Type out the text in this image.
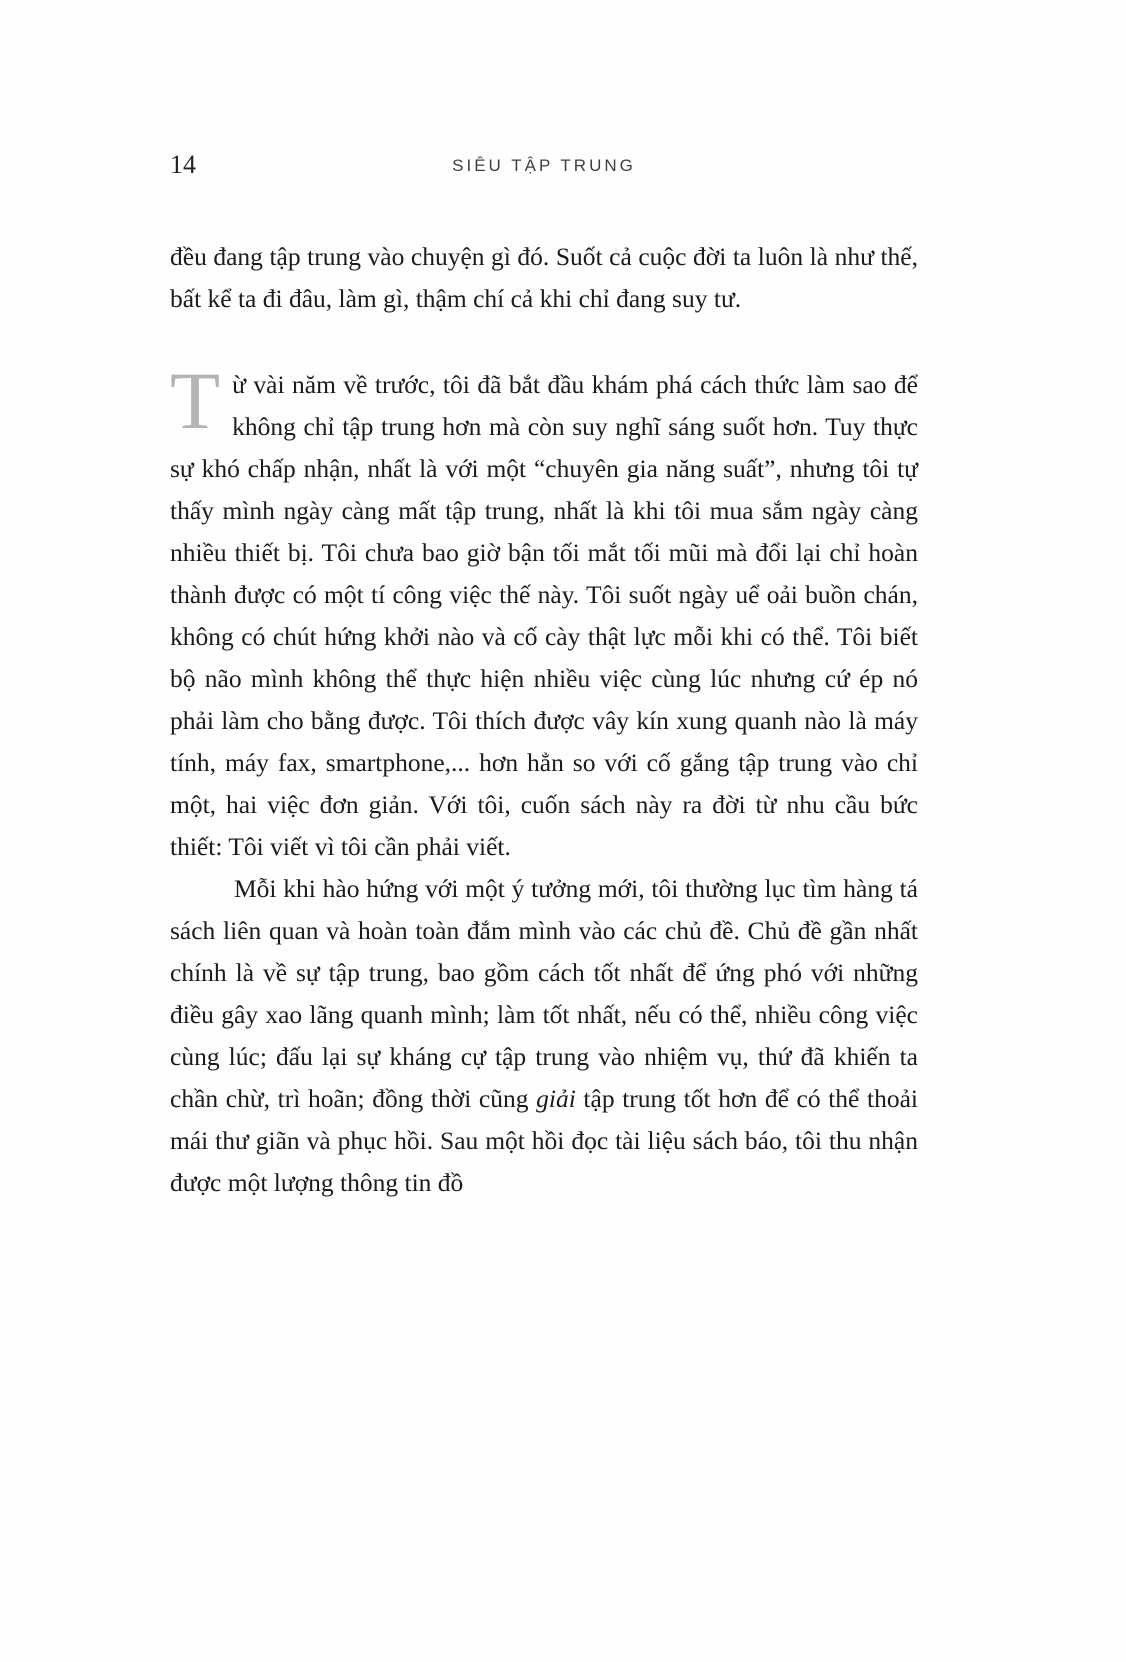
14	SIÊU TẬP TRUNG

đều đang tập trung vào chuyện gì đó. Suốt cả cuộc đời ta luôn là như thế, bất kể ta đi đâu, làm gì, thậm chí cả khi chỉ đang suy tư.

Từ vài năm về trước, tôi đã bắt đầu khám phá cách thức làm sao để không chỉ tập trung hơn mà còn suy nghĩ sáng suốt hơn. Tuy thực sự khó chấp nhận, nhất là với một “chuyên gia năng suất”, nhưng tôi tự thấy mình ngày càng mất tập trung, nhất là khi tôi mua sắm ngày càng nhiều thiết bị. Tôi chưa bao giờ bận tối mắt tối mũi mà đổi lại chỉ hoàn thành được có một tí công việc thế này. Tôi suốt ngày uể oải buồn chán, không có chút hứng khởi nào và cố cày thật lực mỗi khi có thể. Tôi biết bộ não mình không thể thực hiện nhiều việc cùng lúc nhưng cứ ép nó phải làm cho bằng được. Tôi thích được vây kín xung quanh nào là máy tính, máy fax, smartphone,... hơn hẳn so với cố gắng tập trung vào chỉ một, hai việc đơn giản. Với tôi, cuốn sách này ra đời từ nhu cầu bức thiết: Tôi viết vì tôi cần phải viết.

Mỗi khi hào hứng với một ý tưởng mới, tôi thường lục tìm hàng tá sách liên quan và hoàn toàn đắm mình vào các chủ đề. Chủ đề gần nhất chính là về sự tập trung, bao gồm cách tốt nhất để ứng phó với những điều gây xao lãng quanh mình; làm tốt nhất, nếu có thể, nhiều công việc cùng lúc; đấu lại sự kháng cự tập trung vào nhiệm vụ, thứ đã khiến ta chần chừ, trì hoãn; đồng thời cũng giải tập trung tốt hơn để có thể thoải mái thư giãn và phục hồi. Sau một hồi đọc tài liệu sách báo, tôi thu nhận được một lượng thông tin đồ
